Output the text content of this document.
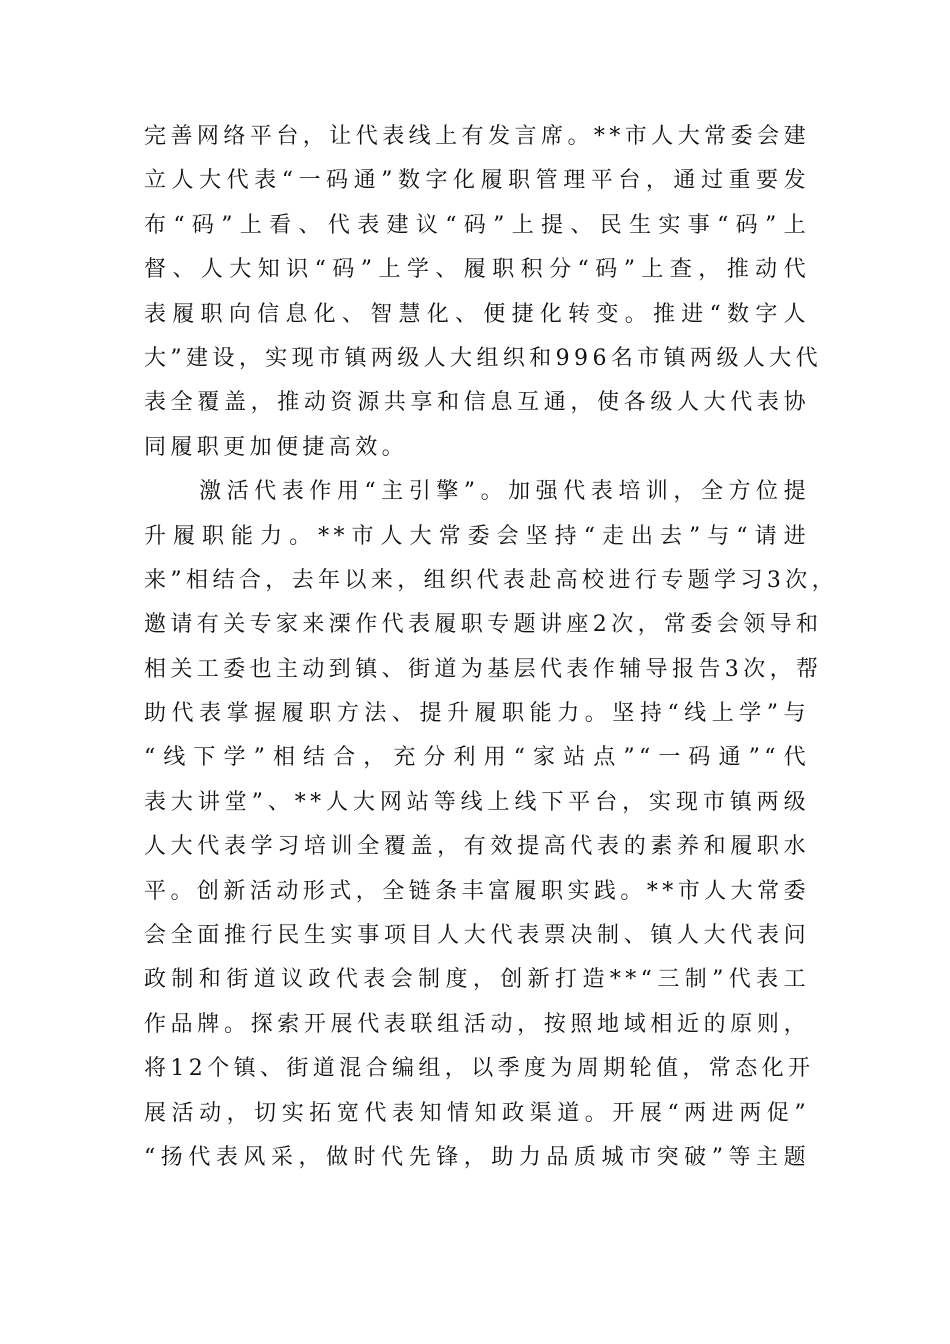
完善网络平台，让代表线上有发言席。**市人大常委会建
立人大代表“一码通”数字化履职管理平台，通过重要发
布“码”上看、代表建议“码”上提、民生实事“码”上
督、人大知识“码”上学、履职积分“码”上查，推动代
表履职向信息化、智慧化、便捷化转变。推进“数字人
大”建设，实现市镇两级人大组织和996名市镇两级人大代
表全覆盖，推动资源共享和信息互通，使各级人大代表协
同履职更加便捷高效。
　　激活代表作用“主引擎”。加强代表培训，全方位提
升履职能力。**市人大常委会坚持“走出去”与“请进
来”相结合，去年以来，组织代表赴高校进行专题学习3次，
邀请有关专家来溧作代表履职专题讲座2次，常委会领导和
相关工委也主动到镇、街道为基层代表作辅导报告3次，帮
助代表掌握履职方法、提升履职能力。坚持“线上学”与
“线下学”相结合，充分利用“家站点”“一码通”“代
表大讲堂”、**人大网站等线上线下平台，实现市镇两级
人大代表学习培训全覆盖，有效提高代表的素养和履职水
平。创新活动形式，全链条丰富履职实践。**市人大常委
会全面推行民生实事项目人大代表票决制、镇人大代表问
政制和街道议政代表会制度，创新打造**“三制”代表工
作品牌。探索开展代表联组活动，按照地域相近的原则，
将12个镇、街道混合编组，以季度为周期轮值，常态化开
展活动，切实拓宽代表知情知政渠道。开展“两进两促”
“扬代表风采，做时代先锋，助力品质城市突破”等主题
